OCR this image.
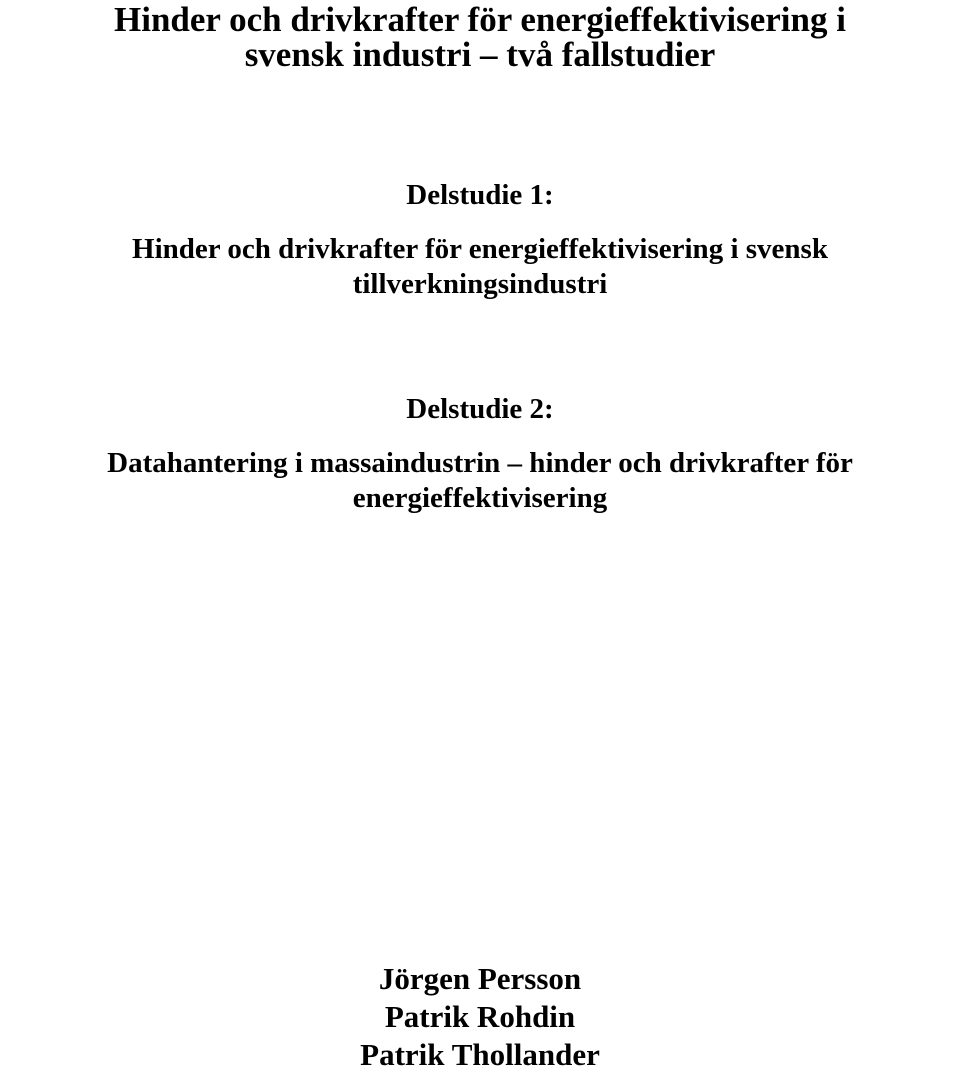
Hinder och drivkrafter för energieffektivisering i
svensk industri – två fallstudier
Delstudie 1:
Hinder och drivkrafter för energieffektivisering i svensk
tillverkningsindustri
Delstudie 2:
Datahantering i massaindustrin – hinder och drivkrafter för
energieffektivisering
Jörgen Persson
Patrik Rohdin
Patrik Thollander
